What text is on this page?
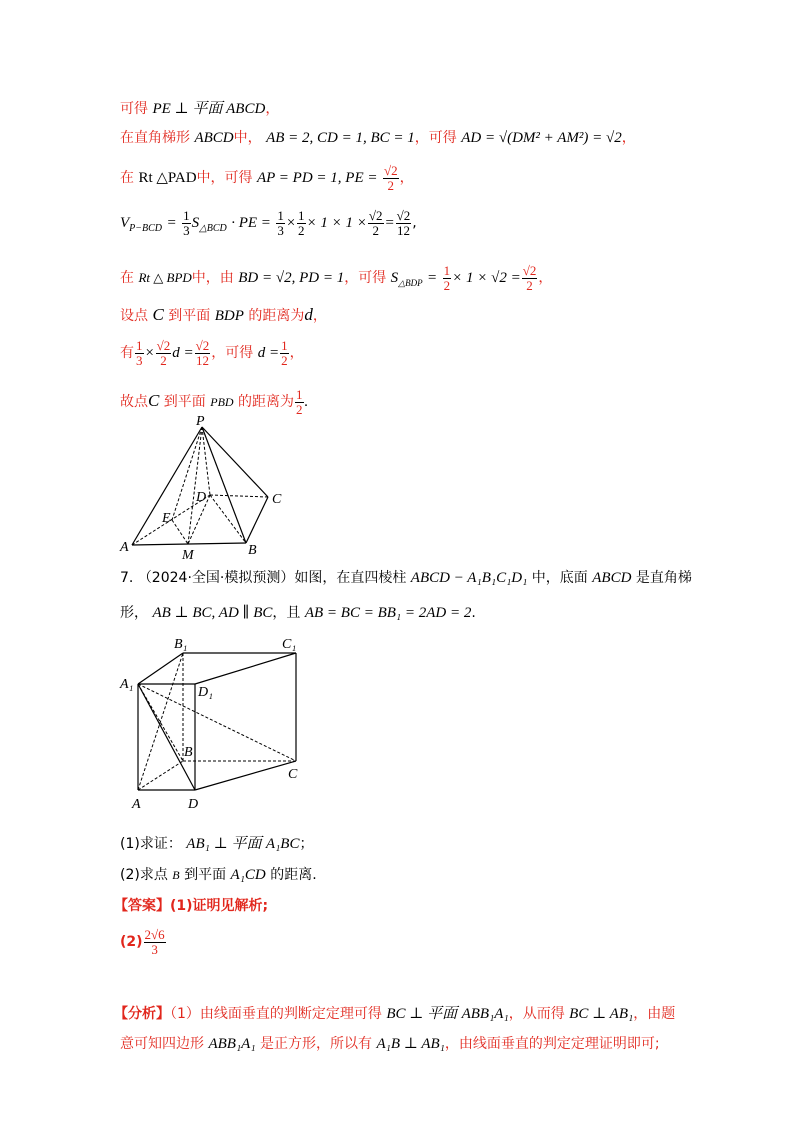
可得 PE ⊥ 平面 ABCD，
在直角梯形 ABCD中， AB = 2, CD = 1, BC = 1，可得 AD = √(DM² + AM²) = √2，
在 Rt △PAD中，可得 AP = PD = 1, PE = $\frac{√2}{2}$ ，
$V_{P-BCD} = \frac{1}{3} S_{\triangle BCD}$ · PE = $\frac{1}{3} \times \frac{1}{2} \times 1 \times 1 \times \frac{√2}{2} = \frac{√2}{12}$ ,
在 Rt △ BPD中，由 BD = √2, PD = 1，可得 $S_{\triangle BDP} = \frac{1}{2} \times 1 \times √2 = \frac{√2}{2}$ ，
设点 C 到平面 BDP 的距离为d，
有 $\frac{1}{3} \times \frac{√2}{2}$ $d = \frac{√2}{12}$ ，可得 $d = \frac{1}{2}$ ，
故点C 到平面 PBD 的距离为 $\frac{1}{2}$ .
P
D	C
E
A
M	B
7. （2024·全国·模拟预测）如图，在直四棱柱 ABCD − A₁B₁C₁D₁ 中，底面 ABCD 是直角梯
形， AB ⊥ BC, AD ∥ BC，且 AB = BC = BB₁ = 2AD = 2.
B₁	C₁
A₁
D₁
B
C
A	D
(1)求证： AB₁ ⊥ 平面 A₁BC；
(2)求点 B 到平面 A₁CD 的距离.
【答案】(1)证明见解析;
$(2) \frac{2√6}{3}$
【分析】（1）由线面垂直的判断定定理可得 BC ⊥ 平面 ABB₁A₁，从而得 BC ⊥ AB₁，由题
意可知四边形 ABB₁A₁ 是正方形，所以有 A₁B ⊥ AB₁，由线面垂直的判定定理证明即可;
